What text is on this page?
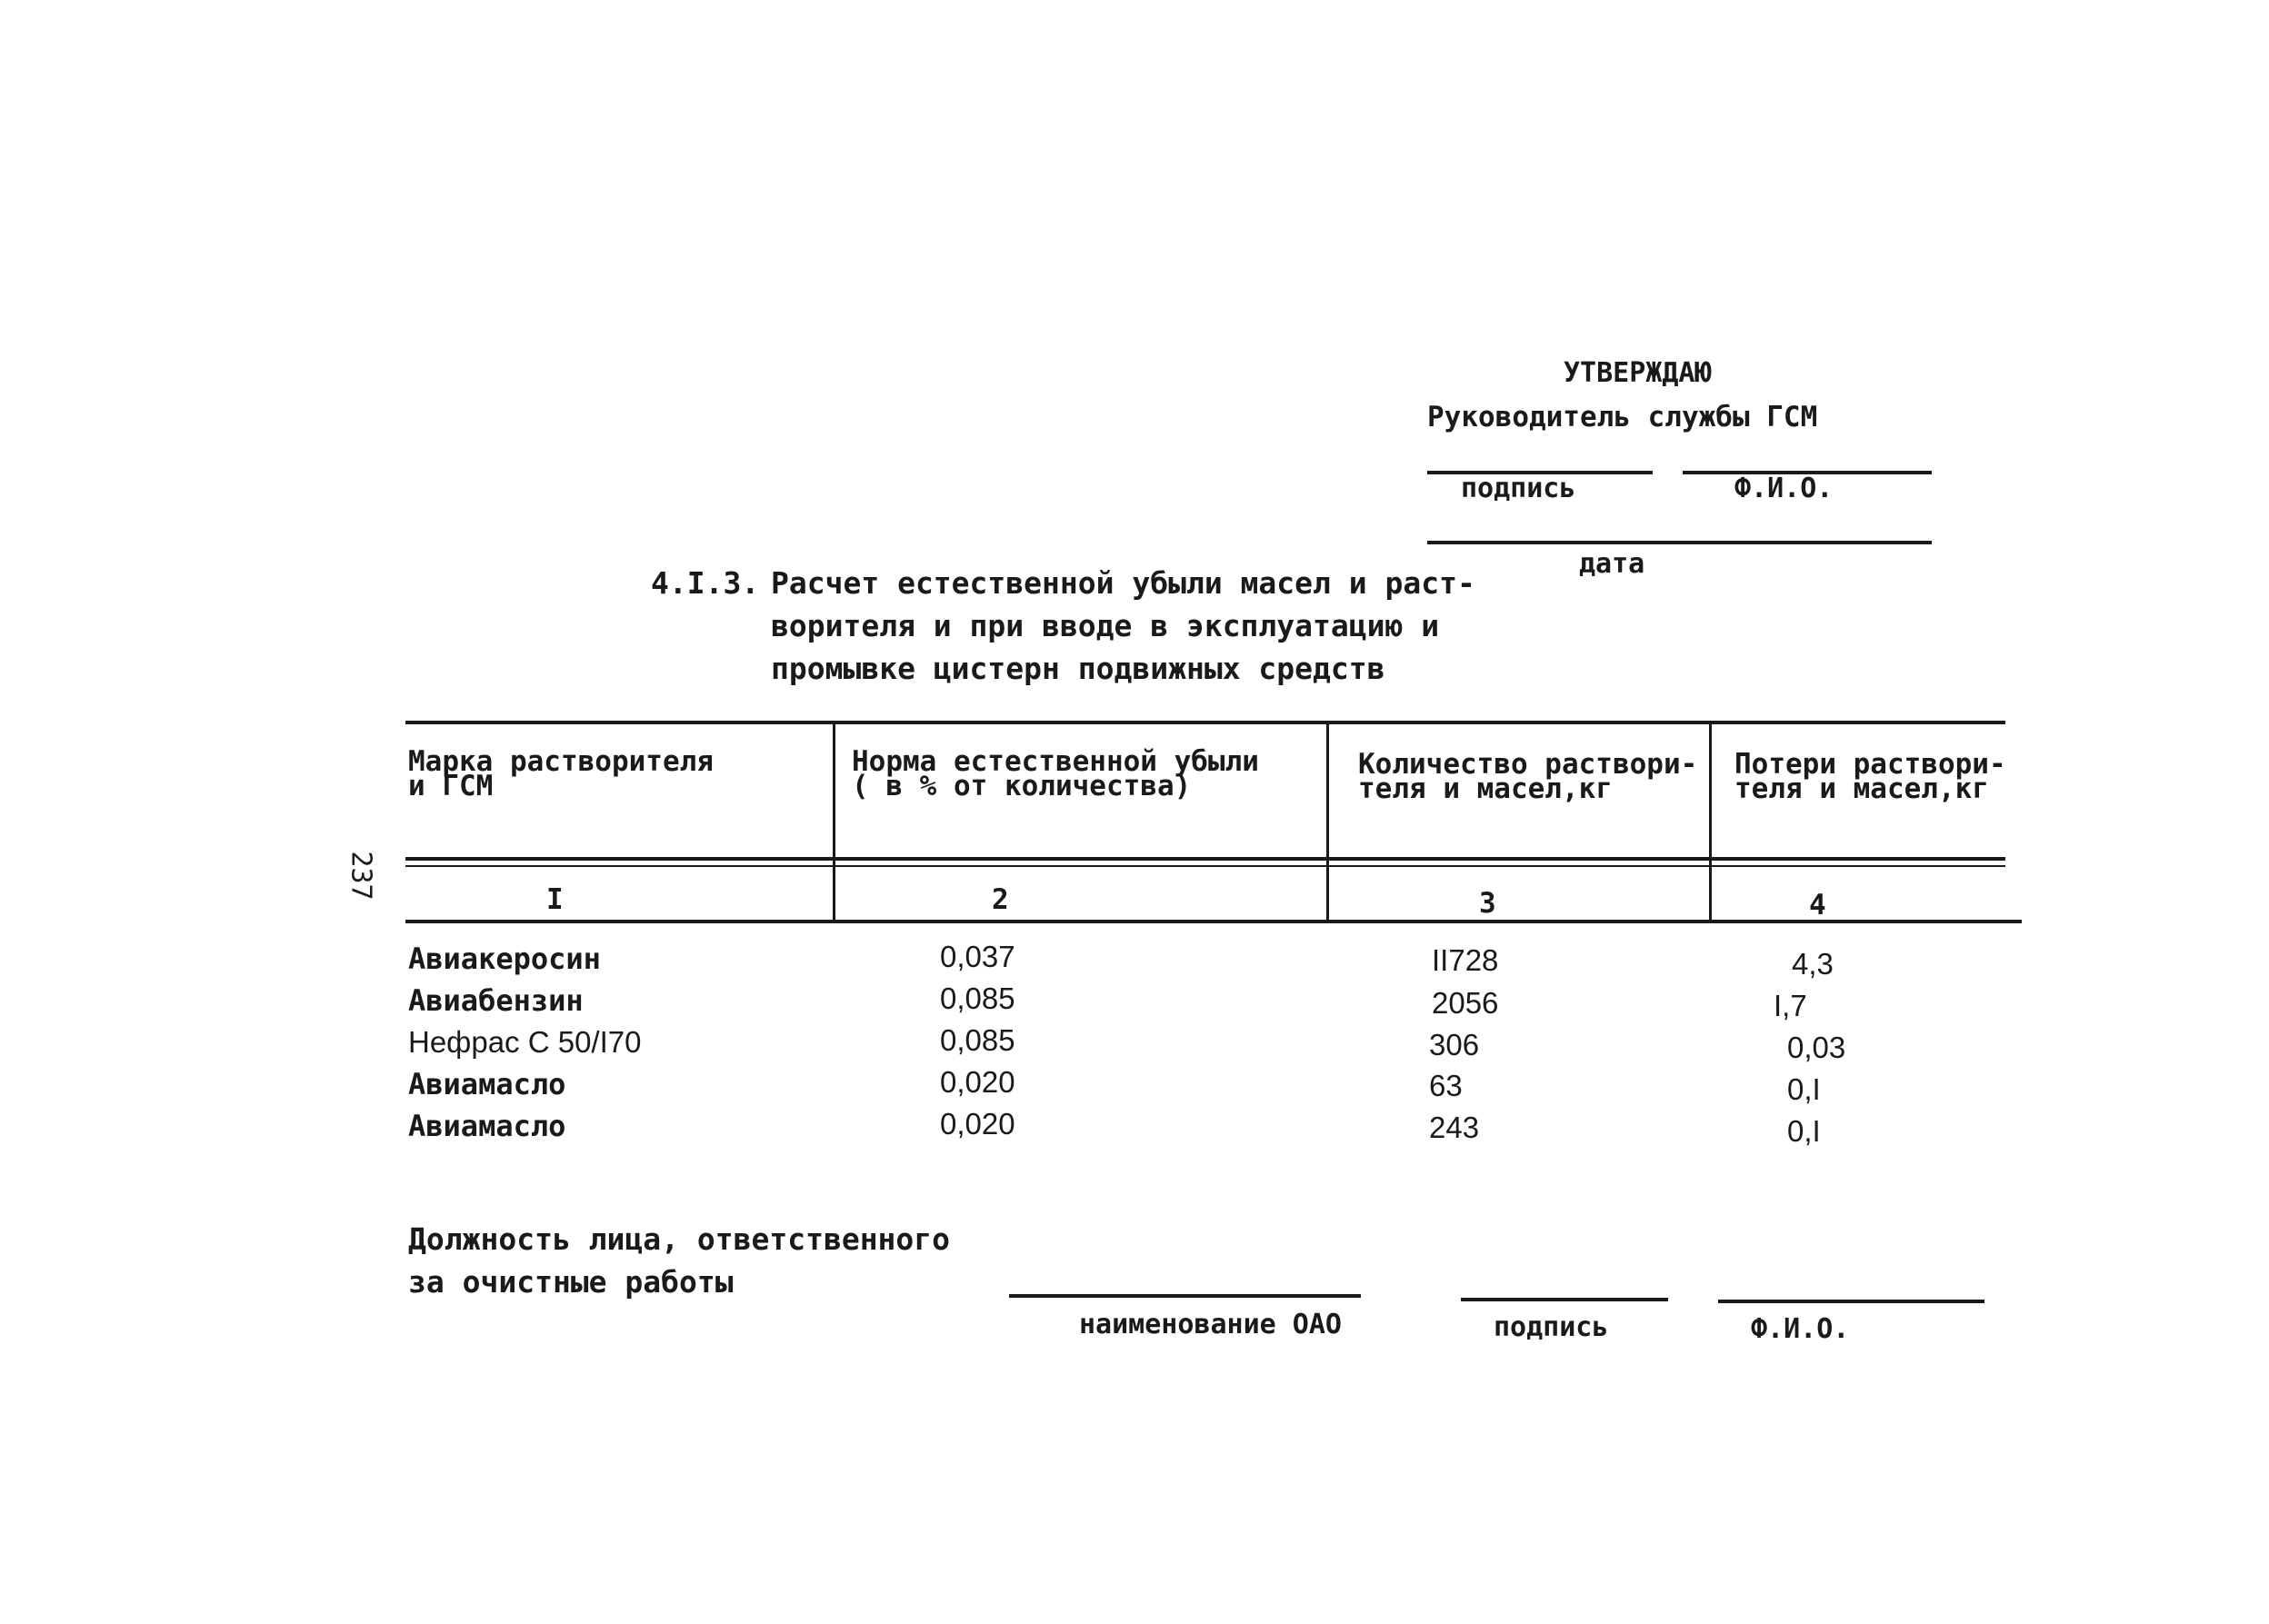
УТВЕРЖДАЮ
Руководитель службы ГСМ
подпись	Ф.И.О.
дата
237
4.I.3. Расчет естественной убыли масел и раст-
ворителя и при вводе в эксплуатацию и
промывке цистерн подвижных средств
Марка растворителя
и ГСМ
Норма естественной убыли
( в % от количества)
Количество раствори-
теля и масел,кг
Потери раствори-
теля и масел,кг
I	2	3	4
Авиакеросин	0,037	II728	4,3
Авиабензин	0,085	2056	I,7
Нефрас С 50/I70	0,085	306	0,03
Авиамасло	0,020	63	0,I
Авиамасло	0,020	243	0,I
Должность лица, ответственного
за очистные работы
наименование ОАО	подпись	Ф.И.О.
